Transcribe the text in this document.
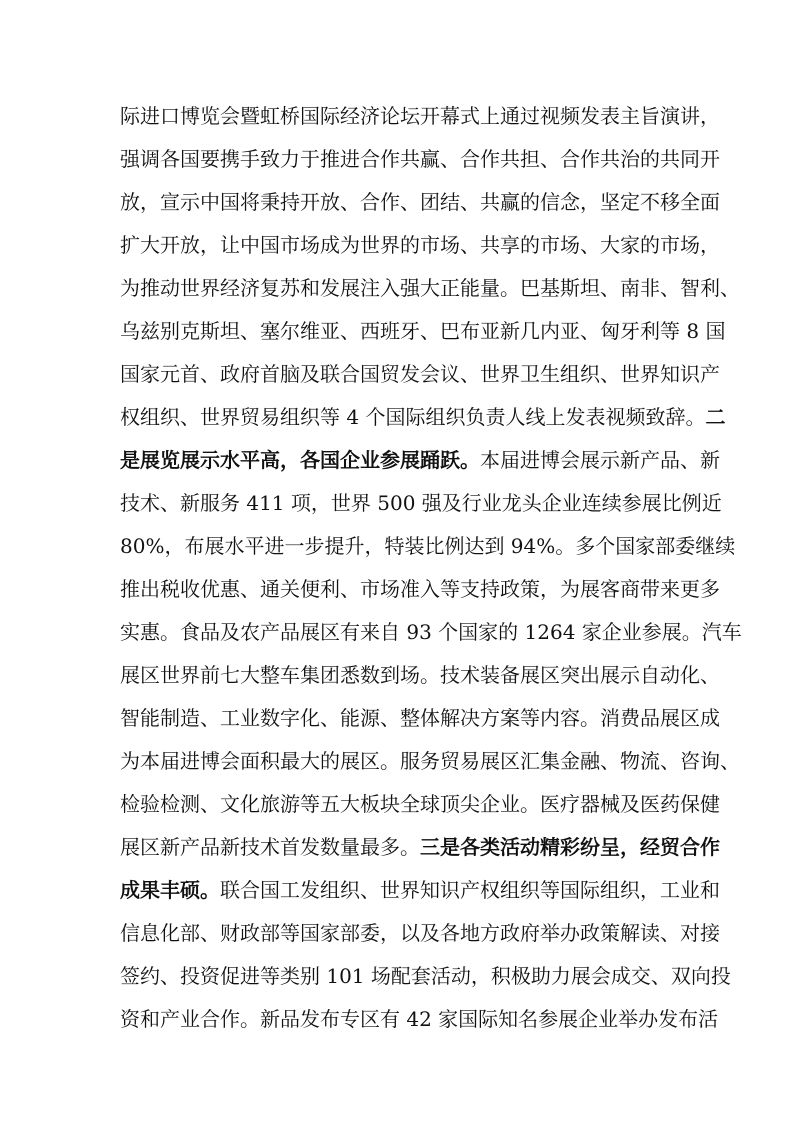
际进口博览会暨虹桥国际经济论坛开幕式上通过视频发表主旨演讲，
强调各国要携手致力于推进合作共赢、合作共担、合作共治的共同开
放，宣示中国将秉持开放、合作、团结、共赢的信念，坚定不移全面
扩大开放，让中国市场成为世界的市场、共享的市场、大家的市场，
为推动世界经济复苏和发展注入强大正能量。巴基斯坦、南非、智利、
乌兹别克斯坦、塞尔维亚、西班牙、巴布亚新几内亚、匈牙利等 8 国
国家元首、政府首脑及联合国贸发会议、世界卫生组织、世界知识产
权组织、世界贸易组织等 4 个国际组织负责人线上发表视频致辞。二
是展览展示水平高，各国企业参展踊跃。本届进博会展示新产品、新
技术、新服务 411 项，世界 500 强及行业龙头企业连续参展比例近
80%，布展水平进一步提升，特装比例达到 94%。多个国家部委继续
推出税收优惠、通关便利、市场准入等支持政策，为展客商带来更多
实惠。食品及农产品展区有来自 93 个国家的 1264 家企业参展。汽车
展区世界前七大整车集团悉数到场。技术装备展区突出展示自动化、
智能制造、工业数字化、能源、整体解决方案等内容。消费品展区成
为本届进博会面积最大的展区。服务贸易展区汇集金融、物流、咨询、
检验检测、文化旅游等五大板块全球顶尖企业。医疗器械及医药保健
展区新产品新技术首发数量最多。三是各类活动精彩纷呈，经贸合作
成果丰硕。联合国工发组织、世界知识产权组织等国际组织，工业和
信息化部、财政部等国家部委，以及各地方政府举办政策解读、对接
签约、投资促进等类别 101 场配套活动，积极助力展会成交、双向投
资和产业合作。新品发布专区有 42 家国际知名参展企业举办发布活
